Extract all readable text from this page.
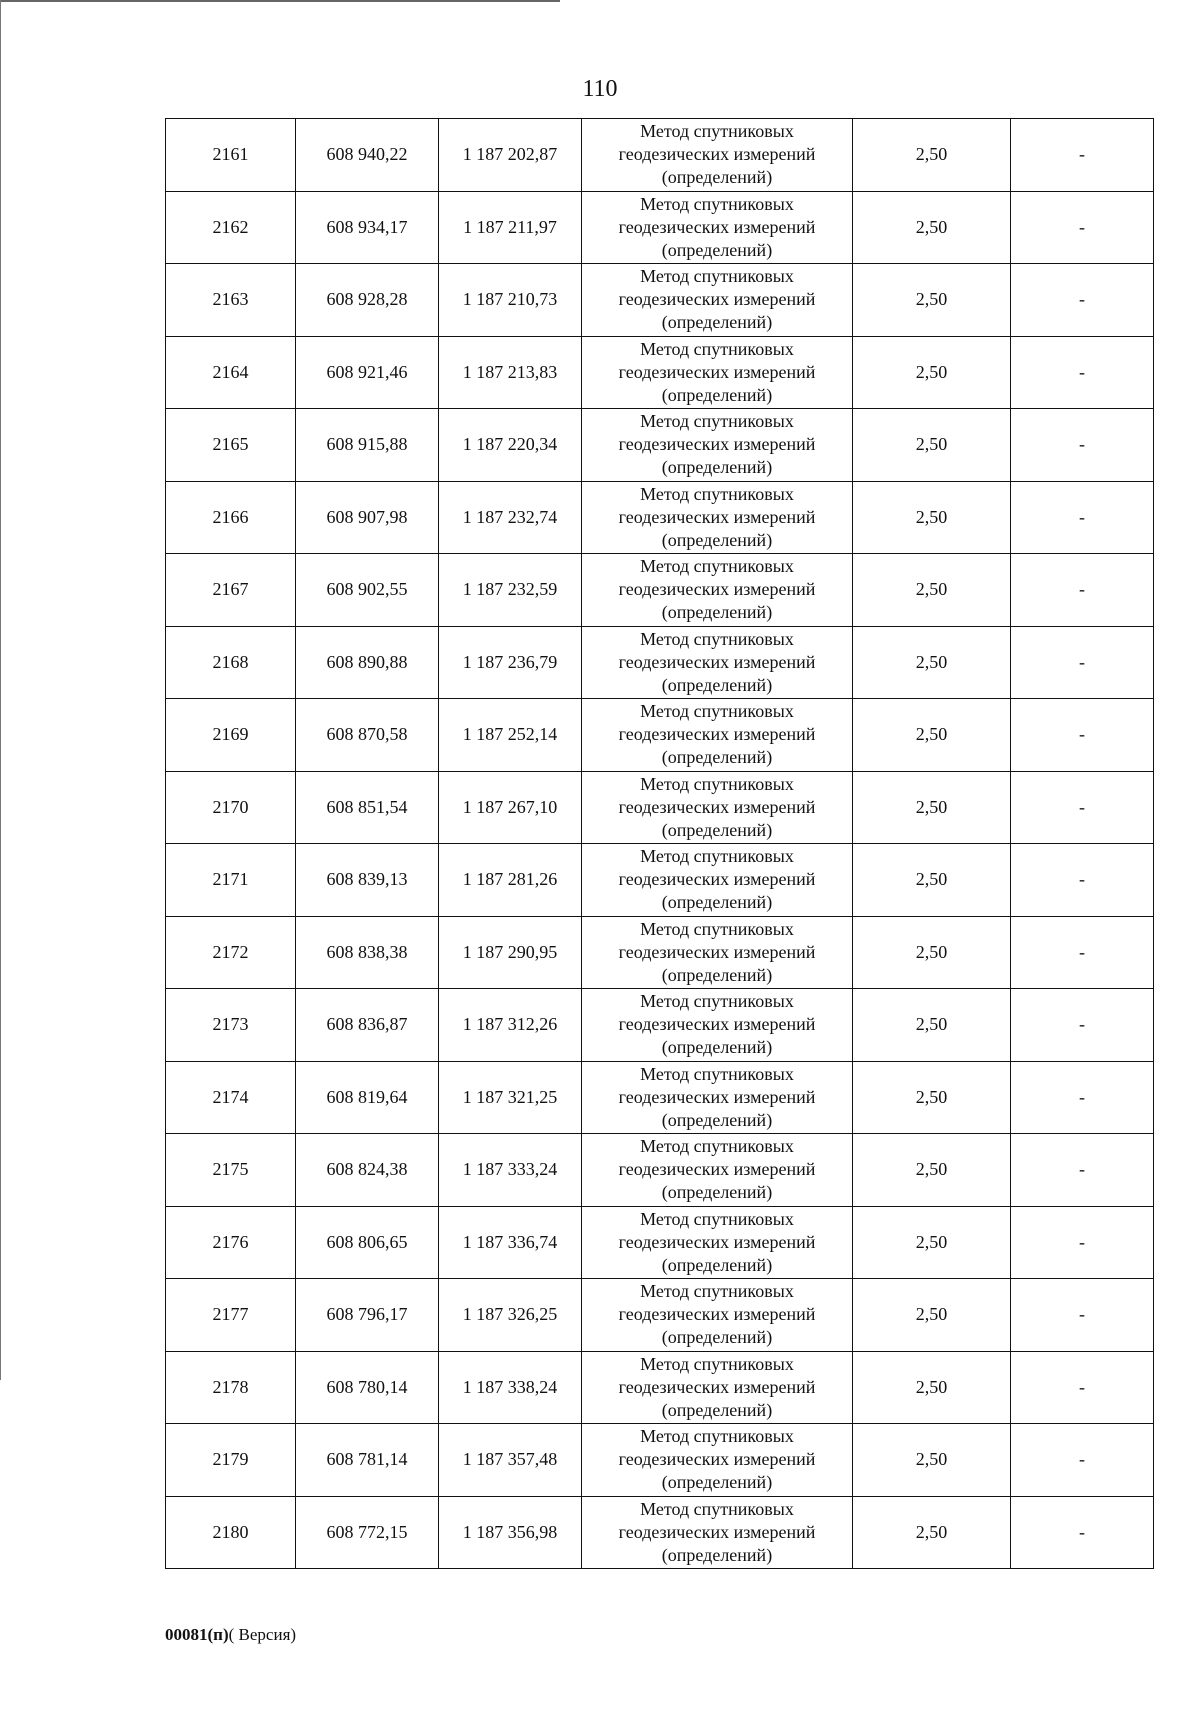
110
2161	608 940,22	1 187 202,87	Метод спутниковых
геодезических измерений
(определений)	2,50	-
2162	608 934,17	1 187 211,97	Метод спутниковых
геодезических измерений
(определений)	2,50	-
2163	608 928,28	1 187 210,73	Метод спутниковых
геодезических измерений
(определений)	2,50	-
2164	608 921,46	1 187 213,83	Метод спутниковых
геодезических измерений
(определений)	2,50	-
2165	608 915,88	1 187 220,34	Метод спутниковых
геодезических измерений
(определений)	2,50	-
2166	608 907,98	1 187 232,74	Метод спутниковых
геодезических измерений
(определений)	2,50	-
2167	608 902,55	1 187 232,59	Метод спутниковых
геодезических измерений
(определений)	2,50	-
2168	608 890,88	1 187 236,79	Метод спутниковых
геодезических измерений
(определений)	2,50	-
2169	608 870,58	1 187 252,14	Метод спутниковых
геодезических измерений
(определений)	2,50	-
2170	608 851,54	1 187 267,10	Метод спутниковых
геодезических измерений
(определений)	2,50	-
2171	608 839,13	1 187 281,26	Метод спутниковых
геодезических измерений
(определений)	2,50	-
2172	608 838,38	1 187 290,95	Метод спутниковых
геодезических измерений
(определений)	2,50	-
2173	608 836,87	1 187 312,26	Метод спутниковых
геодезических измерений
(определений)	2,50	-
2174	608 819,64	1 187 321,25	Метод спутниковых
геодезических измерений
(определений)	2,50	-
2175	608 824,38	1 187 333,24	Метод спутниковых
геодезических измерений
(определений)	2,50	-
2176	608 806,65	1 187 336,74	Метод спутниковых
геодезических измерений
(определений)	2,50	-
2177	608 796,17	1 187 326,25	Метод спутниковых
геодезических измерений
(определений)	2,50	-
2178	608 780,14	1 187 338,24	Метод спутниковых
геодезических измерений
(определений)	2,50	-
2179	608 781,14	1 187 357,48	Метод спутниковых
геодезических измерений
(определений)	2,50	-
2180	608 772,15	1 187 356,98	Метод спутниковых
геодезических измерений
(определений)	2,50	-
00081(п)( Версия)
